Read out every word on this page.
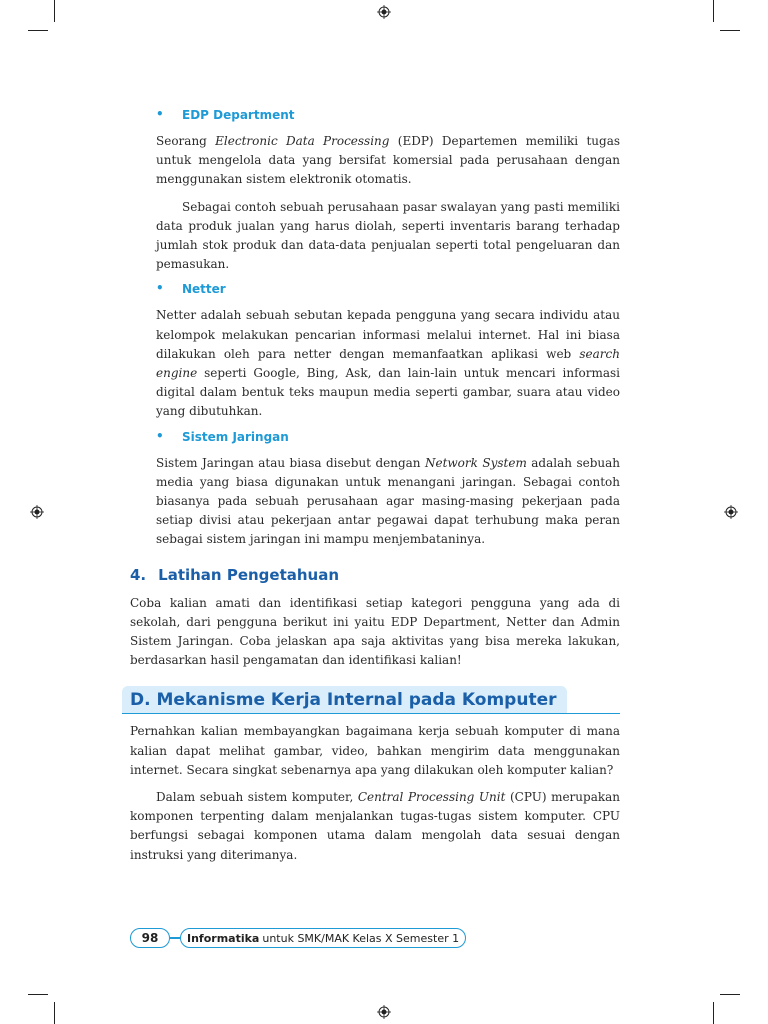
• EDP Department

Seorang Electronic Data Processing (EDP) Departemen memiliki tugas untuk mengelola data yang bersifat komersial pada perusahaan dengan menggunakan sistem elektronik otomatis.

Sebagai contoh sebuah perusahaan pasar swalayan yang pasti memiliki data produk jualan yang harus diolah, seperti inventaris barang terhadap jumlah stok produk dan data-data penjualan seperti total pengeluaran dan pemasukan.

• Netter

Netter adalah sebuah sebutan kepada pengguna yang secara individu atau kelompok melakukan pencarian informasi melalui internet. Hal ini biasa dilakukan oleh para netter dengan memanfaatkan aplikasi web search engine seperti Google, Bing, Ask, dan lain-lain untuk mencari informasi digital dalam bentuk teks maupun media seperti gambar, suara atau video yang dibutuhkan.

• Sistem Jaringan

Sistem Jaringan atau biasa disebut dengan Network System adalah sebuah media yang biasa digunakan untuk menangani jaringan. Sebagai contoh biasanya pada sebuah perusahaan agar masing-masing pekerjaan pada setiap divisi atau pekerjaan antar pegawai dapat terhubung maka peran sebagai sistem jaringan ini mampu menjembataninya.

4. Latihan Pengetahuan

Coba kalian amati dan identifikasi setiap kategori pengguna yang ada di sekolah, dari pengguna berikut ini yaitu EDP Department, Netter dan Admin Sistem Jaringan. Coba jelaskan apa saja aktivitas yang bisa mereka lakukan, berdasarkan hasil pengamatan dan identifikasi kalian!

D. Mekanisme Kerja Internal pada Komputer

Pernahkan kalian membayangkan bagaimana kerja sebuah komputer di mana kalian dapat melihat gambar, video, bahkan mengirim data menggunakan internet. Secara singkat sebenarnya apa yang dilakukan oleh komputer kalian?

Dalam sebuah sistem komputer, Central Processing Unit (CPU) merupakan komponen terpenting dalam menjalankan tugas-tugas sistem komputer. CPU berfungsi sebagai komponen utama dalam mengolah data sesuai dengan instruksi yang diterimanya.

98	Informatika untuk SMK/MAK Kelas X Semester 1
